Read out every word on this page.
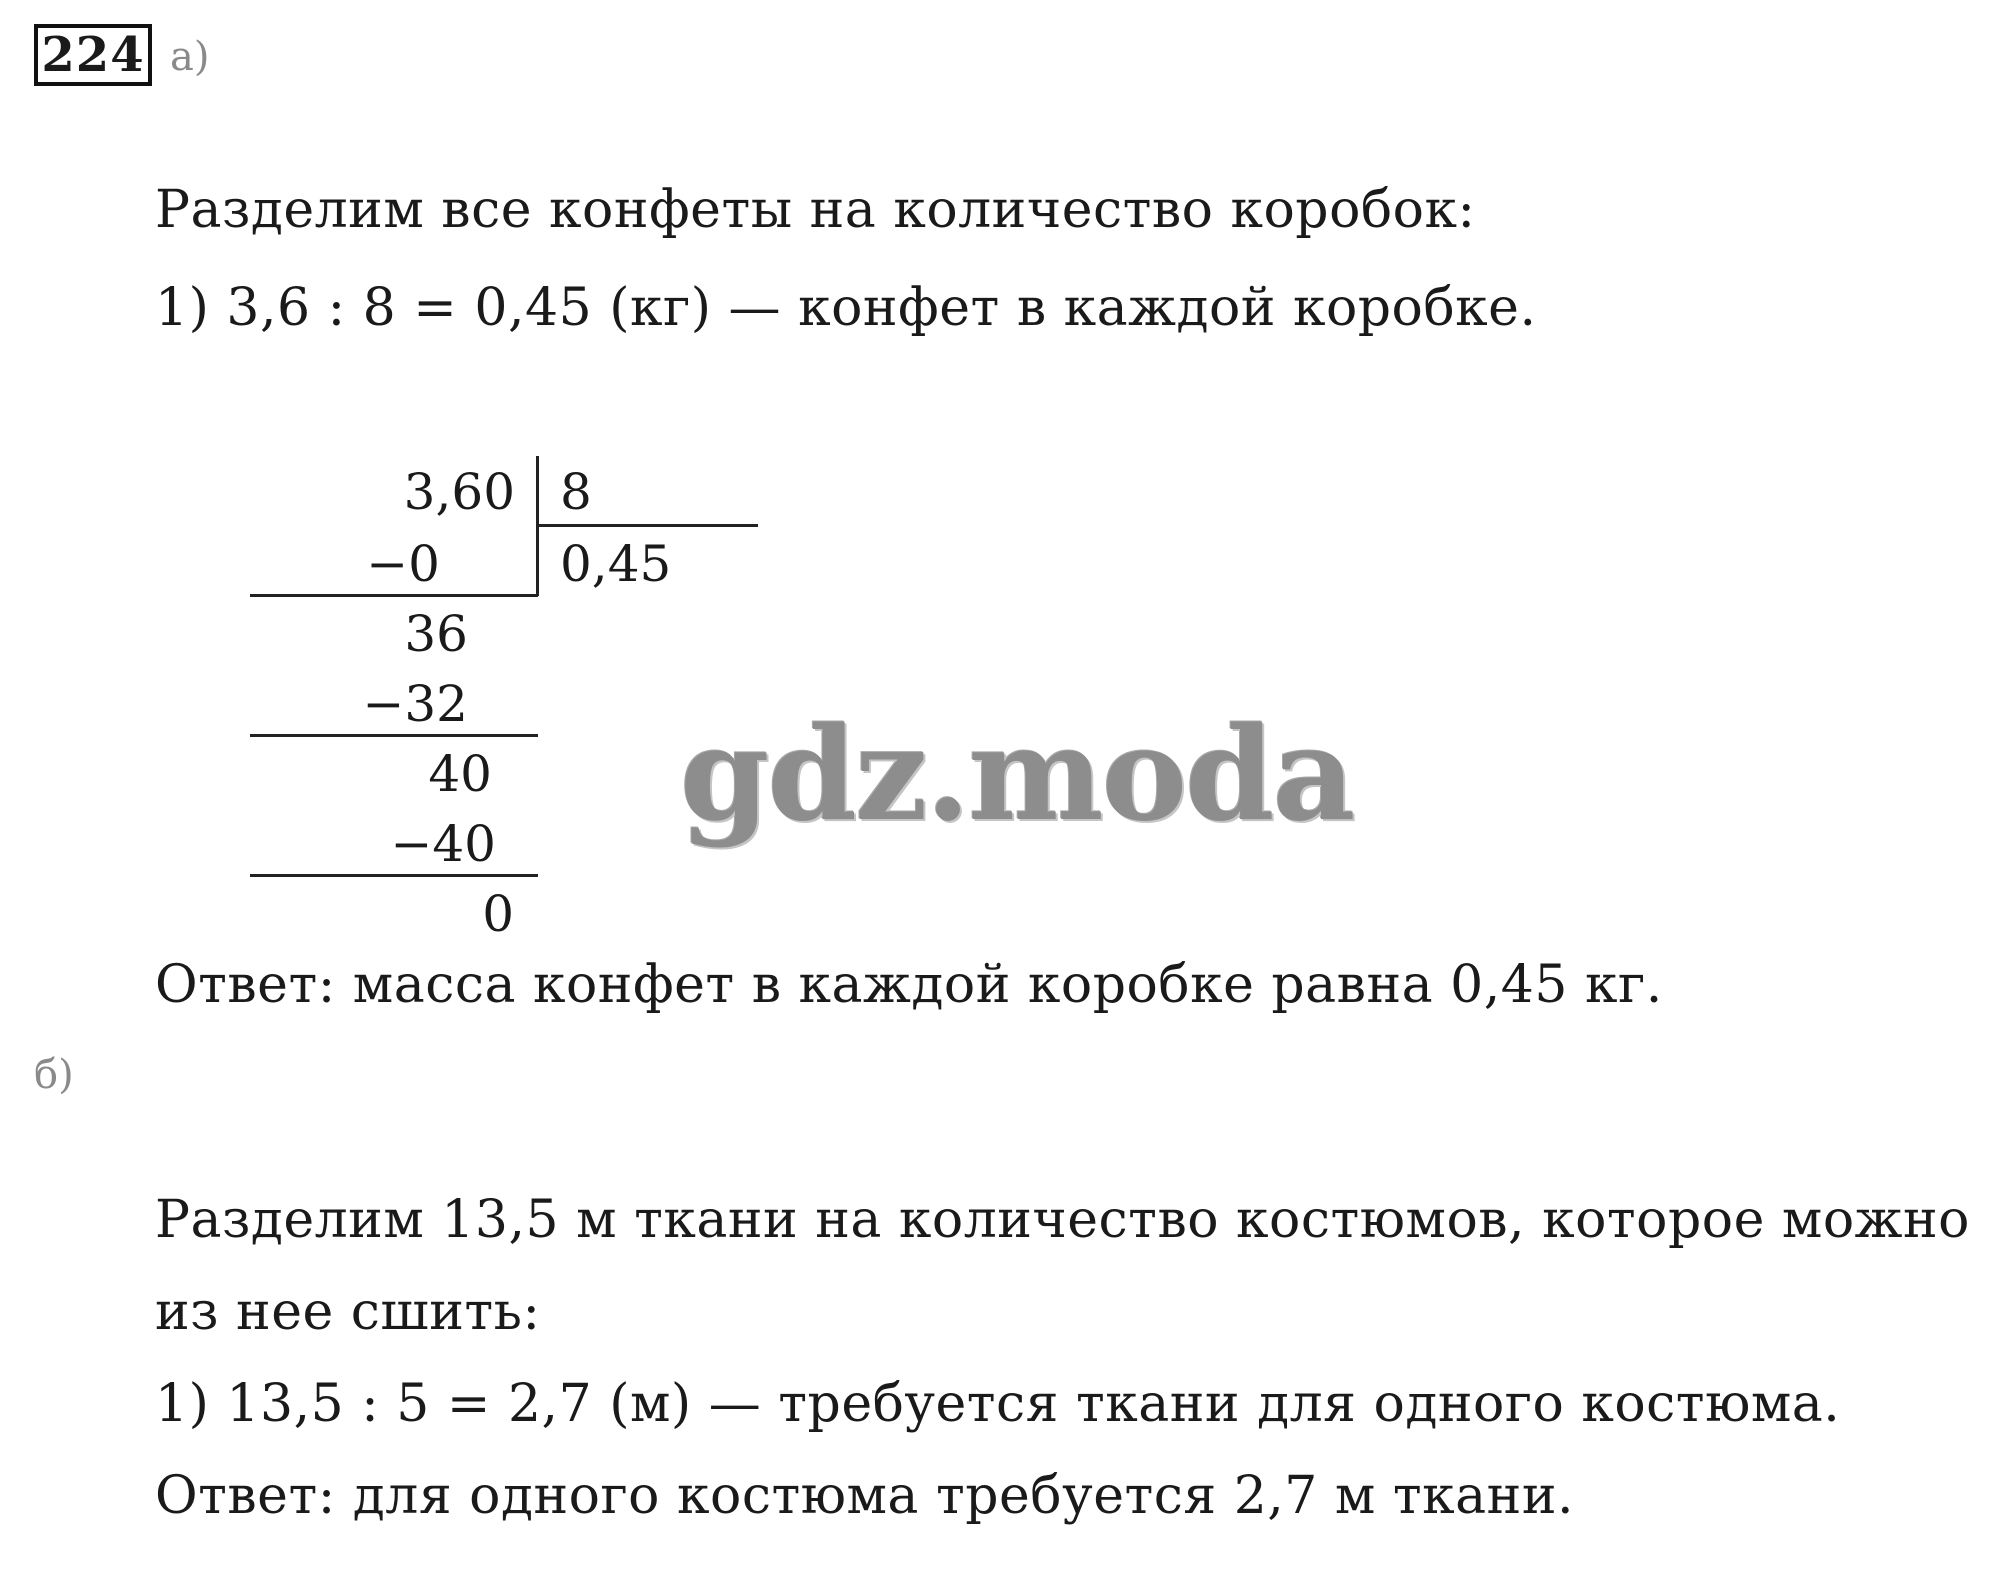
224 а)
Разделим все конфеты на количество коробок:
1) 3,6 : 8 = 0,45 (кг) — конфет в каждой коробке.
3,60 8
0,45
−0
36
−32
40
−40
0
gdz.moda
Ответ: масса конфет в каждой коробке равна 0,45 кг.
б)
Разделим 13,5 м ткани на количество костюмов, которое можно
из нее сшить:
1) 13,5 : 5 = 2,7 (м) — требуется ткани для одного костюма.
Ответ: для одного костюма требуется 2,7 м ткани.
